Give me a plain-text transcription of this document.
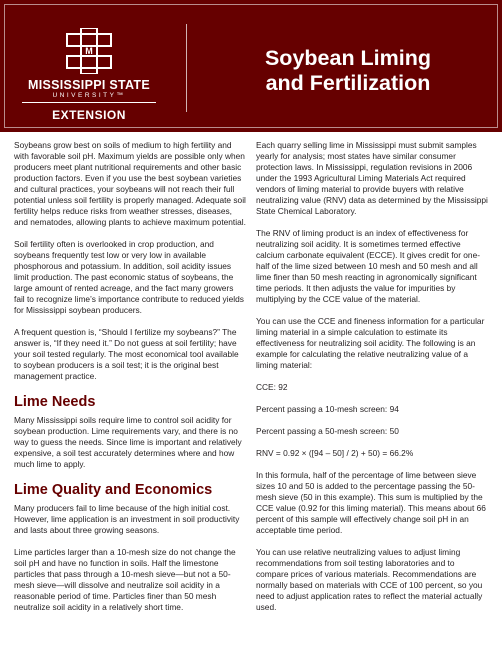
M
MISSISSIPPI STATE
UNIVERSITY™
EXTENSION
Soybean Liming
and Fertilization

Soybeans grow best on soils of medium to high fertility and with favorable soil pH. Maximum yields are possible only when producers meet plant nutritional requirements and other basic production factors. Even if you use the best soybean varieties and cultural practices, your soybeans will not reach their full potential unless soil fertility is properly managed. Adequate soil fertility helps reduce risks from weather stresses, diseases, and nematodes, allowing plants to achieve maximum potential.

Soil fertility often is overlooked in crop production, and soybeans frequently test low or very low in available phosphorous and potassium. In addition, soil acidity issues limit production. The past economic status of soybeans, the large amount of rented acreage, and the fact many growers fail to recognize lime’s importance contribute to reduced yields for Mississippi soybean producers.

A frequent question is, “Should I fertilize my soybeans?” The answer is, “If they need it.” Do not guess at soil fertility; have your soil tested regularly. The most economical tool available to soybean producers is a soil test; it is the original best management practice.

Lime Needs

Many Mississippi soils require lime to control soil acidity for soybean production. Lime requirements vary, and there is no way to guess the needs. Since lime is important and relatively expensive, a soil test accurately determines where and how much lime to apply.

Lime Quality and Economics

Many producers fail to lime because of the high initial cost. However, lime application is an investment in soil productivity and lasts about three growing seasons.

Lime particles larger than a 10-mesh size do not change the soil pH and have no function in soils. Half the limestone particles that pass through a 10-mesh sieve—but not a 50-mesh sieve—will dissolve and neutralize soil acidity in a reasonable period of time. Particles finer than 50 mesh neutralize soil acidity in a relatively short time.

Each quarry selling lime in Mississippi must submit samples yearly for analysis; most states have similar consumer protection laws. In Mississippi, regulation revisions in 2006 under the 1993 Agricultural Liming Materials Act required vendors of liming material to provide buyers with relative neutralizing value (RNV) data as determined by the Mississippi State Chemical Laboratory.

The RNV of liming product is an index of effectiveness for neutralizing soil acidity. It is sometimes termed effective calcium carbonate equivalent (ECCE). It gives credit for one-half of the lime sized between 10 mesh and 50 mesh and all lime finer than 50 mesh reacting in agronomically significant time periods. It then adjusts the value for impurities by multiplying by the CCE value of the material.

You can use the CCE and fineness information for a particular liming material in a simple calculation to estimate its effectiveness for neutralizing soil acidity. The following is an example for calculating the relative neutralizing value of a liming material:

CCE: 92

Percent passing a 10-mesh screen: 94

Percent passing a 50-mesh screen: 50

RNV = 0.92 × ([94 – 50] / 2) + 50) = 66.2%

In this formula, half of the percentage of lime between sieve sizes 10 and 50 is added to the percentage passing the 50-mesh sieve (50 in this example). This sum is multiplied by the CCE value (0.92 for this liming material). This means about 66 percent of this sample will effectively change soil pH in an acceptable time period.

You can use relative neutralizing values to adjust liming recommendations from soil testing laboratories and to compare prices of various materials. Recommendations are normally based on materials with CCE of 100 percent, so you need to adjust application rates to reflect the material actually used.
